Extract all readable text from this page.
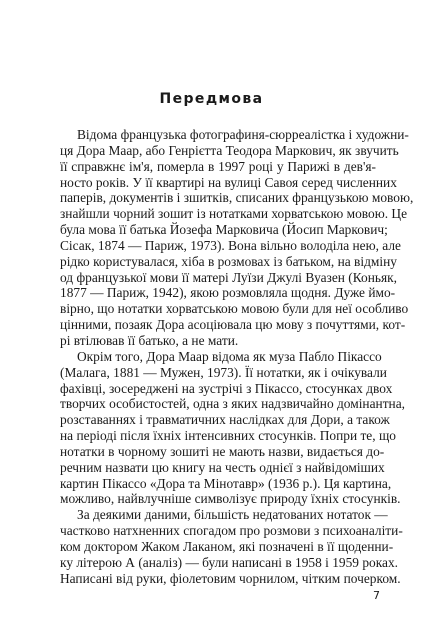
Передмова

Відома французька фотографиня-сюрреалістка і художни-
ця Дора Маар, або Генрієтта Теодора Маркович, як звучить
її справжнє ім'я, померла в 1997 році у Парижі в дев'я-
носто років. У її квартирі на вулиці Савоя серед численних
паперів, документів і зшитків, списаних французькою мовою,
знайшли чорний зошит із нотатками хорватською мовою. Це
була мова її батька Йозефа Марковича (Йосип Маркович;
Сісак, 1874 — Париж, 1973). Вона вільно володіла нею, але
рідко користувалася, хіба в розмовах із батьком, на відміну
од французької мови її матері Луїзи Джулі Вуазен (Коньяк,
1877 — Париж, 1942), якою розмовляла щодня. Дуже ймо-
вірно, що нотатки хорватською мовою були для неї особливо
цінними, позаяк Дора асоціювала цю мову з почуттями, кот-
рі втілював її батько, а не мати.

Окрім того, Дора Маар відома як муза Пабло Пікассо
(Малага, 1881 — Мужен, 1973). Її нотатки, як і очікували
фахівці, зосереджені на зустрічі з Пікассо, стосунках двох
творчих особистостей, одна з яких надзвичайно домінантна,
розставаннях і травматичних наслідках для Дори, а також
на періоді після їхніх інтенсивних стосунків. Попри те, що
нотатки в чорному зошиті не мають назви, видається до-
речним назвати цю книгу на честь однієї з найвідоміших
картин Пікассо «Дора та Мінотавр» (1936 р.). Ця картина,
можливо, найвлучніше символізує природу їхніх стосунків.

За деякими даними, більшість недатованих нотаток —
частково натхненних спогадом про розмови з психоаналіти-
ком доктором Жаком Лаканом, які позначені в її щоденни-
ку літерою А (аналіз) — були написані в 1958 і 1959 роках.
Написані від руки, фіолетовим чорнилом, чітким почерком.

7
